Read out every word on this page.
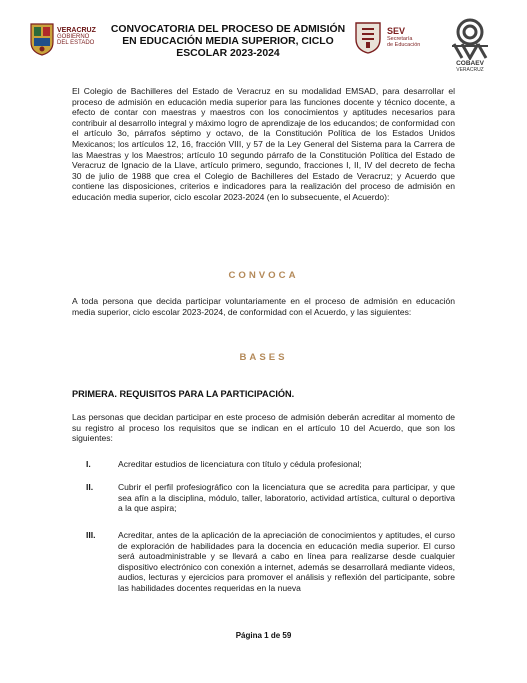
VERACRUZ
GOBIERNO
DEL ESTADO
CONVOCATORIA DEL PROCESO DE ADMISIÓN EN EDUCACIÓN MEDIA SUPERIOR, CICLO ESCOLAR 2023-2024
SEV
Secretaría
de Educación
COBAEV
VERACRUZ

El Colegio de Bachilleres del Estado de Veracruz en su modalidad EMSAD, para desarrollar el proceso de admisión en educación media superior para las funciones docente y técnico docente, a efecto de contar con maestras y maestros con los conocimientos y aptitudes necesarios para contribuir al desarrollo integral y máximo logro de aprendizaje de los educandos; de conformidad con el artículo 3o, párrafos séptimo y octavo, de la Constitución Política de los Estados Unidos Mexicanos; los artículos 12, 16, fracción VIII, y 57 de la Ley General del Sistema para la Carrera de las Maestras y los Maestros; artículo 10 segundo párrafo de la Constitución Política del Estado de Veracruz de Ignacio de la Llave, artículo primero, segundo, fracciones I, II, IV del decreto de fecha 30 de julio de 1988 que crea el Colegio de Bachilleres del Estado de Veracruz; y Acuerdo que contiene las disposiciones, criterios e indicadores para la realización del proceso de admisión en educación media superior, ciclo escolar 2023-2024 (en lo subsecuente, el Acuerdo):

CONVOCA

A toda persona que decida participar voluntariamente en el proceso de admisión en educación media superior, ciclo escolar 2023-2024, de conformidad con el Acuerdo, y las siguientes:

BASES
PRIMERA. REQUISITOS PARA LA PARTICIPACIÓN.

Las personas que decidan participar en este proceso de admisión deberán acreditar al momento de su registro al proceso los requisitos que se indican en el artículo 10 del Acuerdo, que son los siguientes:

I.	Acreditar estudios de licenciatura con título y cédula profesional;

II.	Cubrir el perfil profesiográfico con la licenciatura que se acredita para participar, y que sea afín a la disciplina, módulo, taller, laboratorio, actividad artística, cultural o deportiva a la que aspira;

III.	Acreditar, antes de la aplicación de la apreciación de conocimientos y aptitudes, el curso de exploración de habilidades para la docencia en educación media superior. El curso será autoadministrable y se llevará a cabo en línea para realizarse desde cualquier dispositivo electrónico con conexión a internet, además se desarrollará mediante videos, audios, lecturas y ejercicios para promover el análisis y reflexión del participante, sobre las habilidades docentes requeridas en la nueva

Página 1 de 59
